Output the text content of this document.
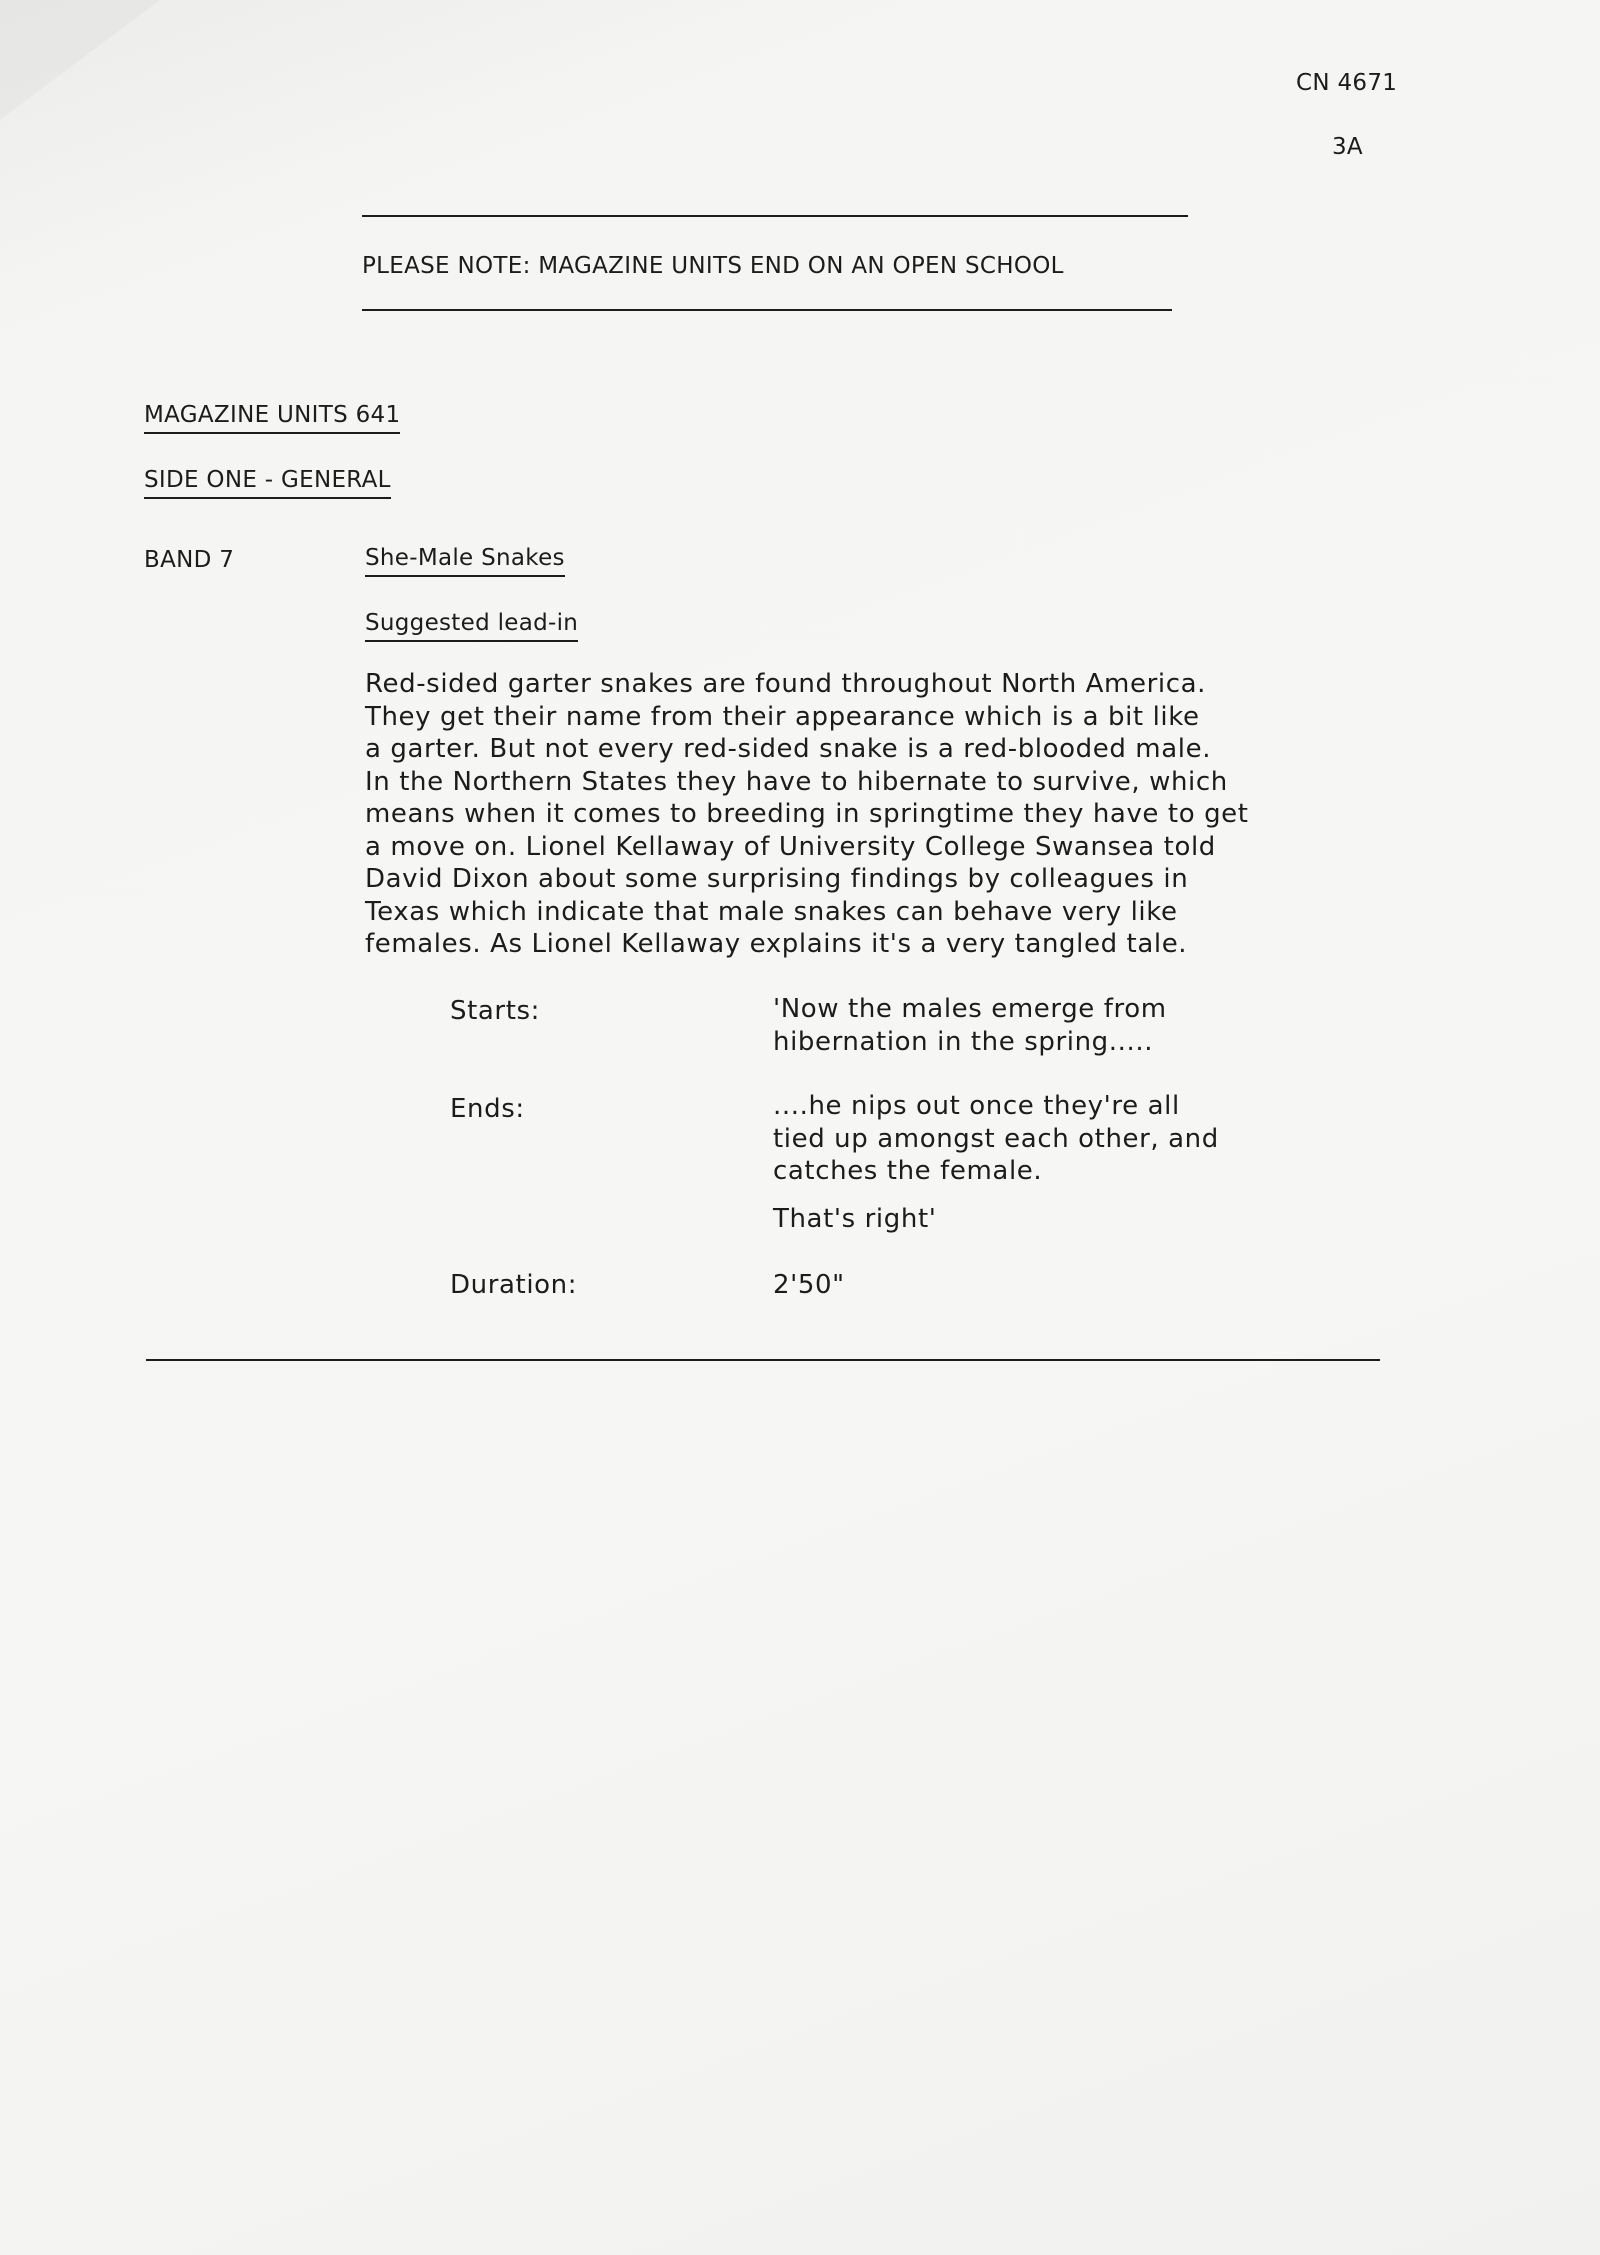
CN 4671
3A
PLEASE NOTE: MAGAZINE UNITS END ON AN OPEN SCHOOL
MAGAZINE UNITS 641
SIDE ONE - GENERAL
BAND 7	She-Male Snakes
Suggested lead-in
Red-sided garter snakes are found throughout North America.
They get their name from their appearance which is a bit like
a garter. But not every red-sided snake is a red-blooded male.
In the Northern States they have to hibernate to survive, which
means when it comes to breeding in springtime they have to get
a move on. Lionel Kellaway of University College Swansea told
David Dixon about some surprising findings by colleagues in
Texas which indicate that male snakes can behave very like
females. As Lionel Kellaway explains it's a very tangled tale.
Starts:	'Now the males emerge from
hibernation in the spring.....
Ends:	....he nips out once they're all
tied up amongst each other, and
catches the female.
That's right'
Duration:	2'50"
